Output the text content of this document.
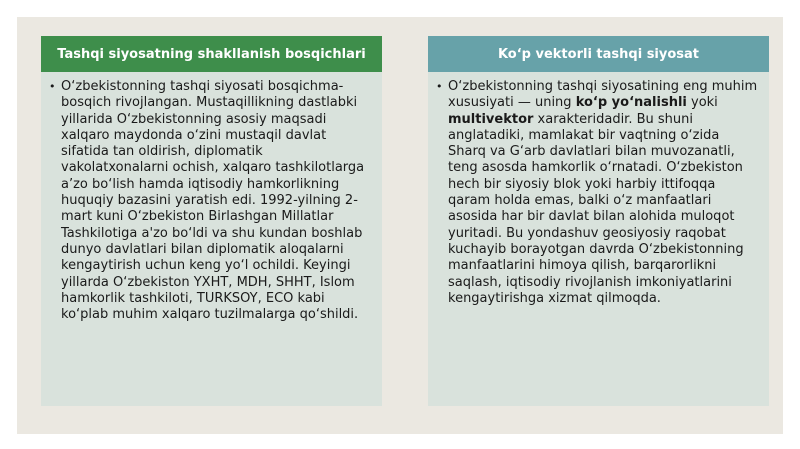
Tashqi siyosatning shakllanish bosqichlari
• O‘zbekistonning tashqi siyosati bosqichma-bosqich rivojlangan. Mustaqillikning dastlabki yillarida O‘zbekistonning asosiy maqsadi xalqaro maydonda o‘zini mustaqil davlat sifatida tan oldirish, diplomatik vakolatxonalarni ochish, xalqaro tashkilotlarga a’zo bo‘lish hamda iqtisodiy hamkorlikning huquqiy bazasini yaratish edi. 1992-yilning 2-mart kuni O‘zbekiston Birlashgan Millatlar Tashkilotiga a'zo bo‘ldi va shu kundan boshlab dunyo davlatlari bilan diplomatik aloqalarni kengaytirish uchun keng yo‘l ochildi. Keyingi yillarda O‘zbekiston YXHT, MDH, SHHT, Islom hamkorlik tashkiloti, TURKSOY, ECO kabi ko‘plab muhim xalqaro tuzilmalarga qo‘shildi.
Ko‘p vektorli tashqi siyosat
• O‘zbekistonning tashqi siyosatining eng muhim xususiyati — uning ko‘p yo‘nalishli yoki multivektor xarakteridadir. Bu shuni anglatadiki, mamlakat bir vaqtning o‘zida Sharq va G‘arb davlatlari bilan muvozanatli, teng asosda hamkorlik o‘rnatadi. O‘zbekiston hech bir siyosiy blok yoki harbiy ittifoqqa qaram holda emas, balki o‘z manfaatlari asosida har bir davlat bilan alohida muloqot yuritadi. Bu yondashuv geosiyosiy raqobat kuchayib borayotgan davrda O‘zbekistonning manfaatlarini himoya qilish, barqarorlikni saqlash, iqtisodiy rivojlanish imkoniyatlarini kengaytirishga xizmat qilmoqda.
